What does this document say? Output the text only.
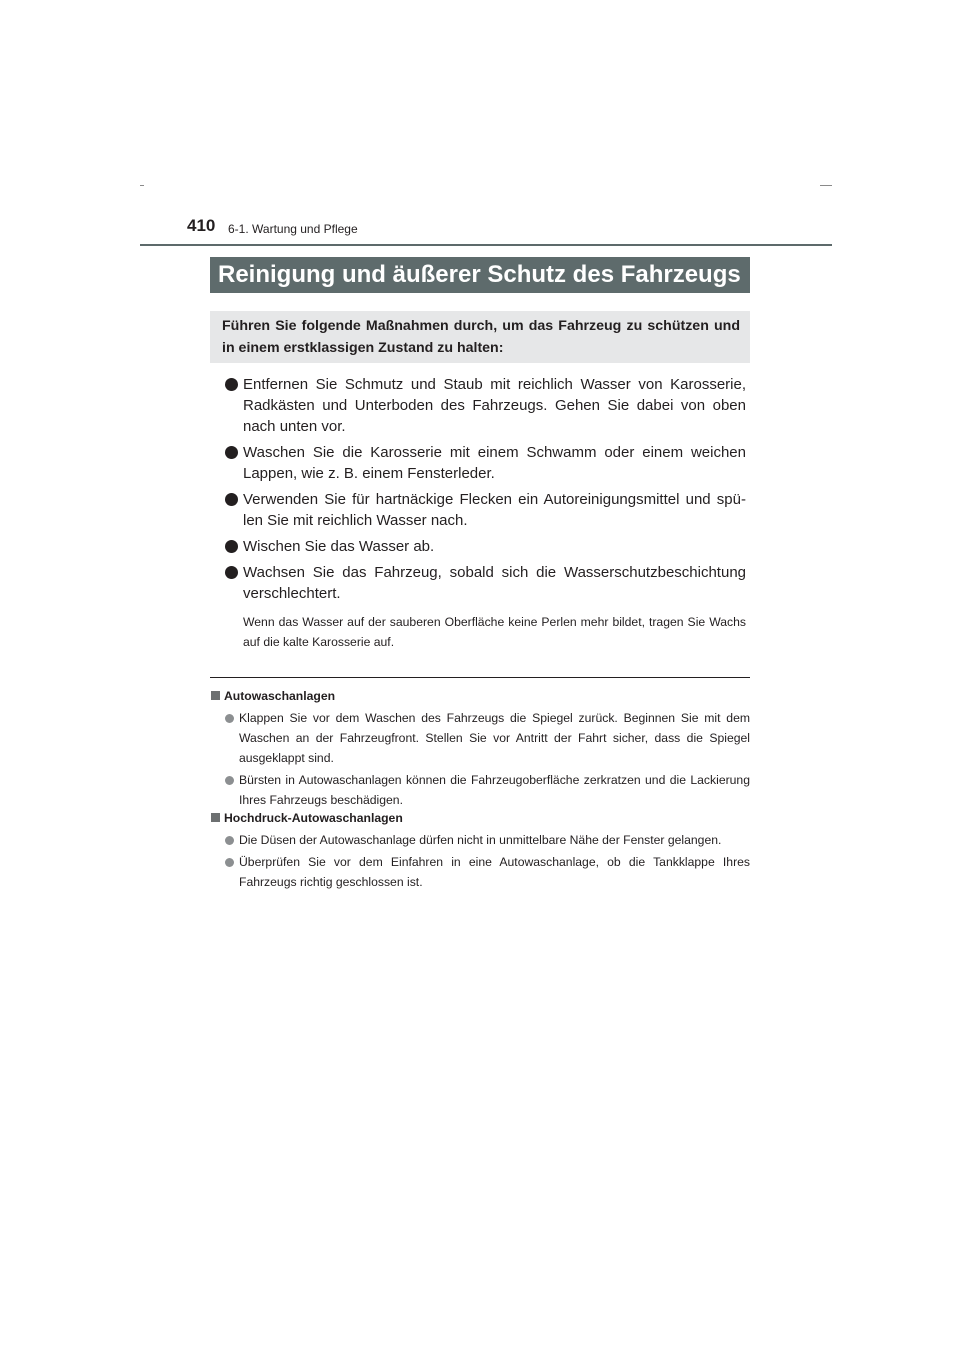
410 6-1. Wartung und Pflege
Reinigung und äußerer Schutz des Fahrzeugs
Führen Sie folgende Maßnahmen durch, um das Fahrzeug zu schützen und in einem erstklassigen Zustand zu halten:
Entfernen Sie Schmutz und Staub mit reichlich Wasser von Karosserie, Radkästen und Unterboden des Fahrzeugs. Gehen Sie dabei von oben nach unten vor.
Waschen Sie die Karosserie mit einem Schwamm oder einem weichen Lappen, wie z. B. einem Fensterleder.
Verwenden Sie für hartnäckige Flecken ein Autoreinigungsmittel und spü-len Sie mit reichlich Wasser nach.
Wischen Sie das Wasser ab.
Wachsen Sie das Fahrzeug, sobald sich die Wasserschutzbeschichtung verschlechtert.
Wenn das Wasser auf der sauberen Oberfläche keine Perlen mehr bildet, tragen Sie Wachs auf die kalte Karosserie auf.
Autowaschanlagen
Klappen Sie vor dem Waschen des Fahrzeugs die Spiegel zurück. Beginnen Sie mit dem Waschen an der Fahrzeugfront. Stellen Sie vor Antritt der Fahrt sicher, dass die Spiegel ausgeklappt sind.
Bürsten in Autowaschanlagen können die Fahrzeugoberfläche zerkratzen und die Lackierung Ihres Fahrzeugs beschädigen.
Hochdruck-Autowaschanlagen
Die Düsen der Autowaschanlage dürfen nicht in unmittelbare Nähe der Fenster gelangen.
Überprüfen Sie vor dem Einfahren in eine Autowaschanlage, ob die Tankklappe Ihres Fahrzeugs richtig geschlossen ist.
